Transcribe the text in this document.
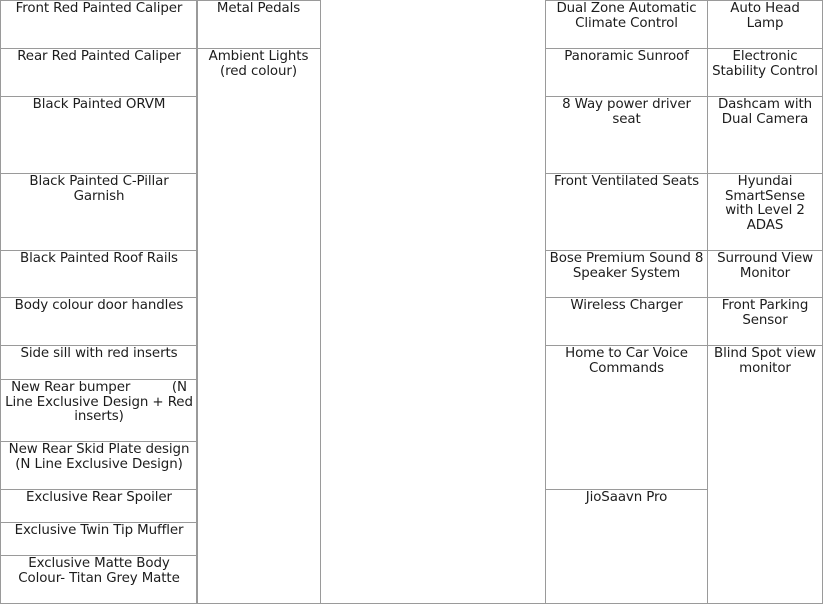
Front Red Painted Caliper
Rear Red Painted Caliper
Black Painted ORVM
Black Painted C-Pillar Garnish
Black Painted Roof Rails
Body colour door handles
Side sill with red inserts
New Rear bumper          (N Line Exclusive Design + Red inserts)
New Rear Skid Plate design (N Line Exclusive Design)
Exclusive Rear Spoiler
Exclusive Twin Tip Muffler
Exclusive Matte Body Colour- Titan Grey Matte
Metal Pedals
Ambient Lights (red colour)
Dual Zone Automatic Climate Control
Panoramic Sunroof
8 Way power driver seat
Front Ventilated Seats
Bose Premium Sound 8 Speaker System
Wireless Charger
Home to Car Voice Commands
JioSaavn Pro
Auto Head Lamp
Electronic Stability Control
Dashcam with Dual Camera
Hyundai SmartSense with Level 2 ADAS
Surround View Monitor
Front Parking Sensor
Blind Spot view monitor
